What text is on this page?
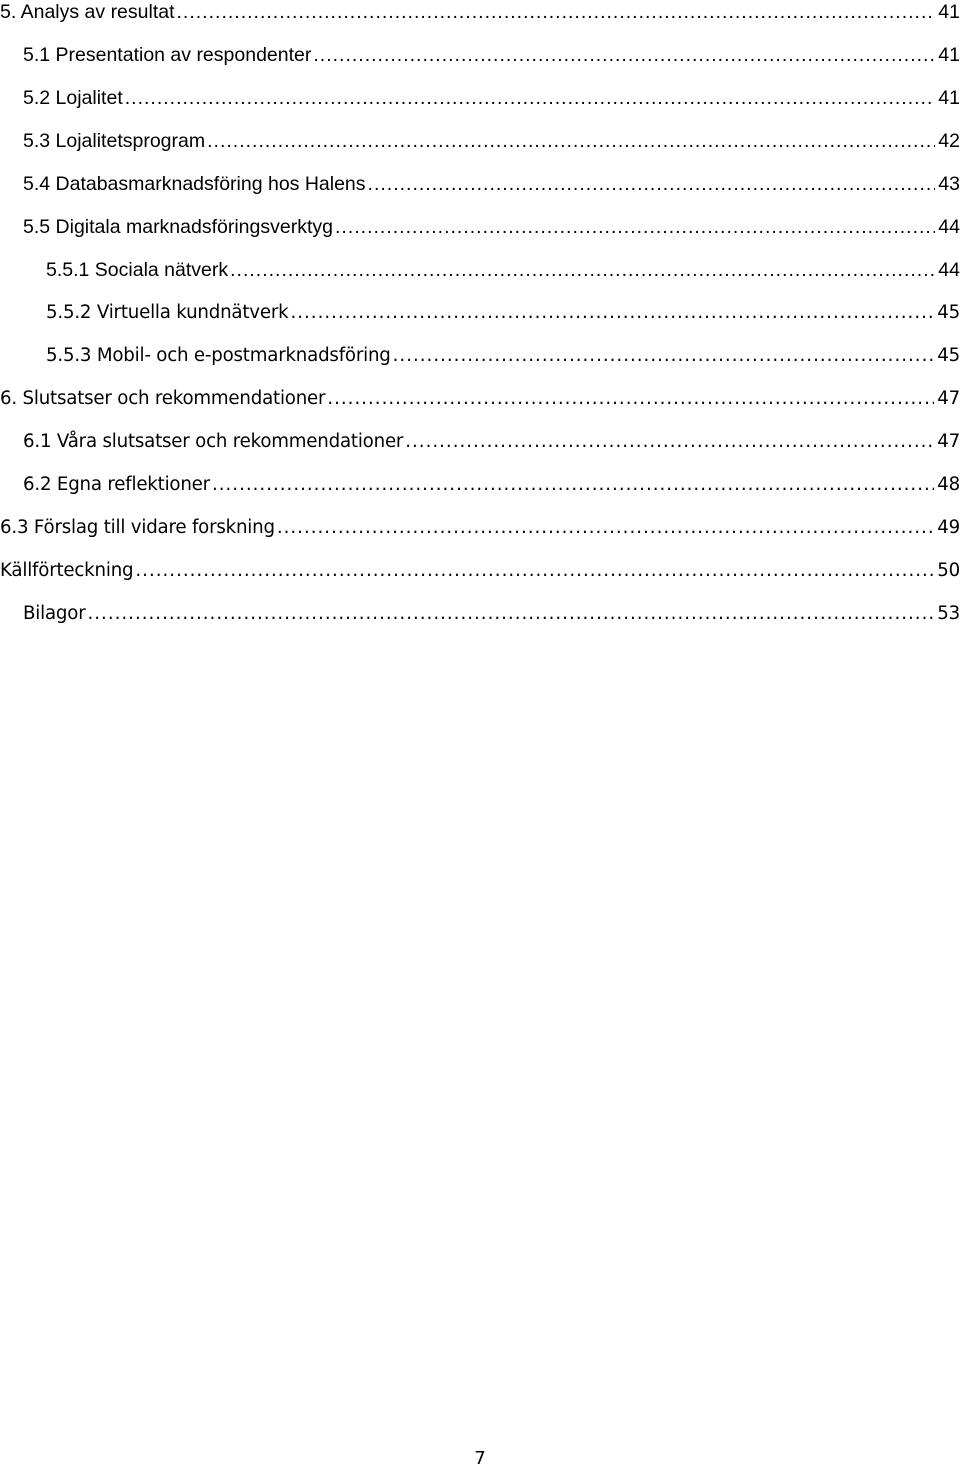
5. Analys av resultat .....	41
5.1 Presentation av respondenter .....	41
5.2 Lojalitet .....	41
5.3 Lojalitetsprogram .....	42
5.4 Databasmarknadsföring hos Halens .....	43
5.5 Digitala marknadsföringsverktyg .....	44
5.5.1 Sociala nätverk .....	44
5.5.2 Virtuella kundnätverk .....	45
5.5.3 Mobil- och e-postmarknadsföring .....	45
6. Slutsatser och rekommendationer .....	47
6.1 Våra slutsatser och rekommendationer .....	47
6.2 Egna reflektioner .....	48
6.3 Förslag till vidare forskning .....	49
Källförteckning .....	50
Bilagor .....	53
7
